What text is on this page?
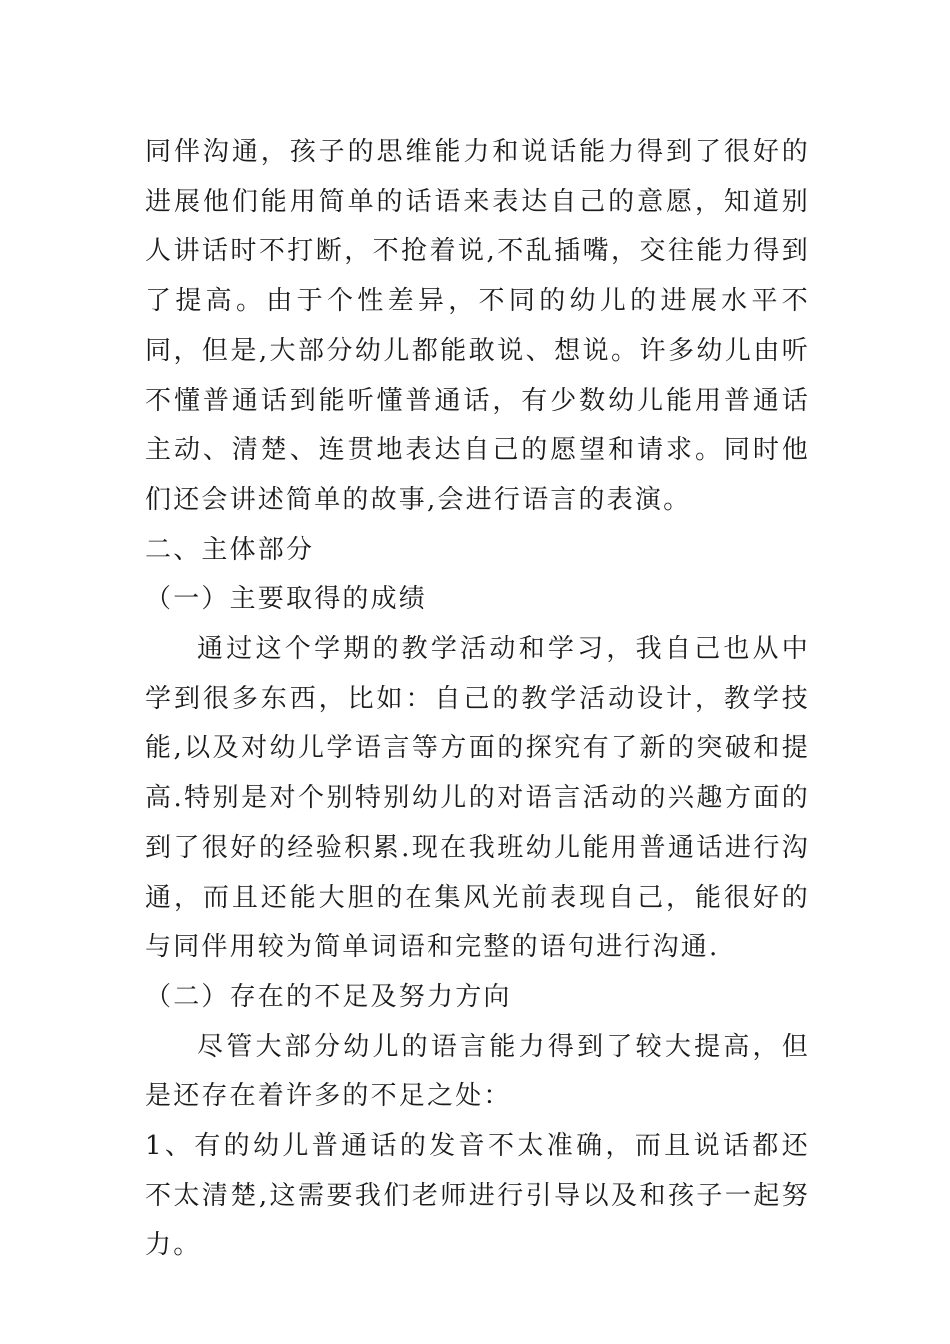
同伴沟通，孩子的思维能力和说话能力得到了很好的进展他们能用简单的话语来表达自己的意愿，知道别人讲话时不打断，不抢着说,不乱插嘴，交往能力得到了提高。由于个性差异，不同的幼儿的进展水平不同，但是,大部分幼儿都能敢说、想说。许多幼儿由听不懂普通话到能听懂普通话，有少数幼儿能用普通话主动、清楚、连贯地表达自己的愿望和请求。同时他们还会讲述简单的故事,会进行语言的表演。

二、主体部分

（一）主要取得的成绩

通过这个学期的教学活动和学习，我自己也从中学到很多东西，比如：自己的教学活动设计，教学技能,以及对幼儿学语言等方面的探究有了新的突破和提高.特别是对个别特别幼儿的对语言活动的兴趣方面的到了很好的经验积累.现在我班幼儿能用普通话进行沟通，而且还能大胆的在集风光前表现自己，能很好的与同伴用较为简单词语和完整的语句进行沟通.

（二）存在的不足及努力方向

尽管大部分幼儿的语言能力得到了较大提高，但是还存在着许多的不足之处：

1、有的幼儿普通话的发音不太准确，而且说话都还不太清楚,这需要我们老师进行引导以及和孩子一起努力。
